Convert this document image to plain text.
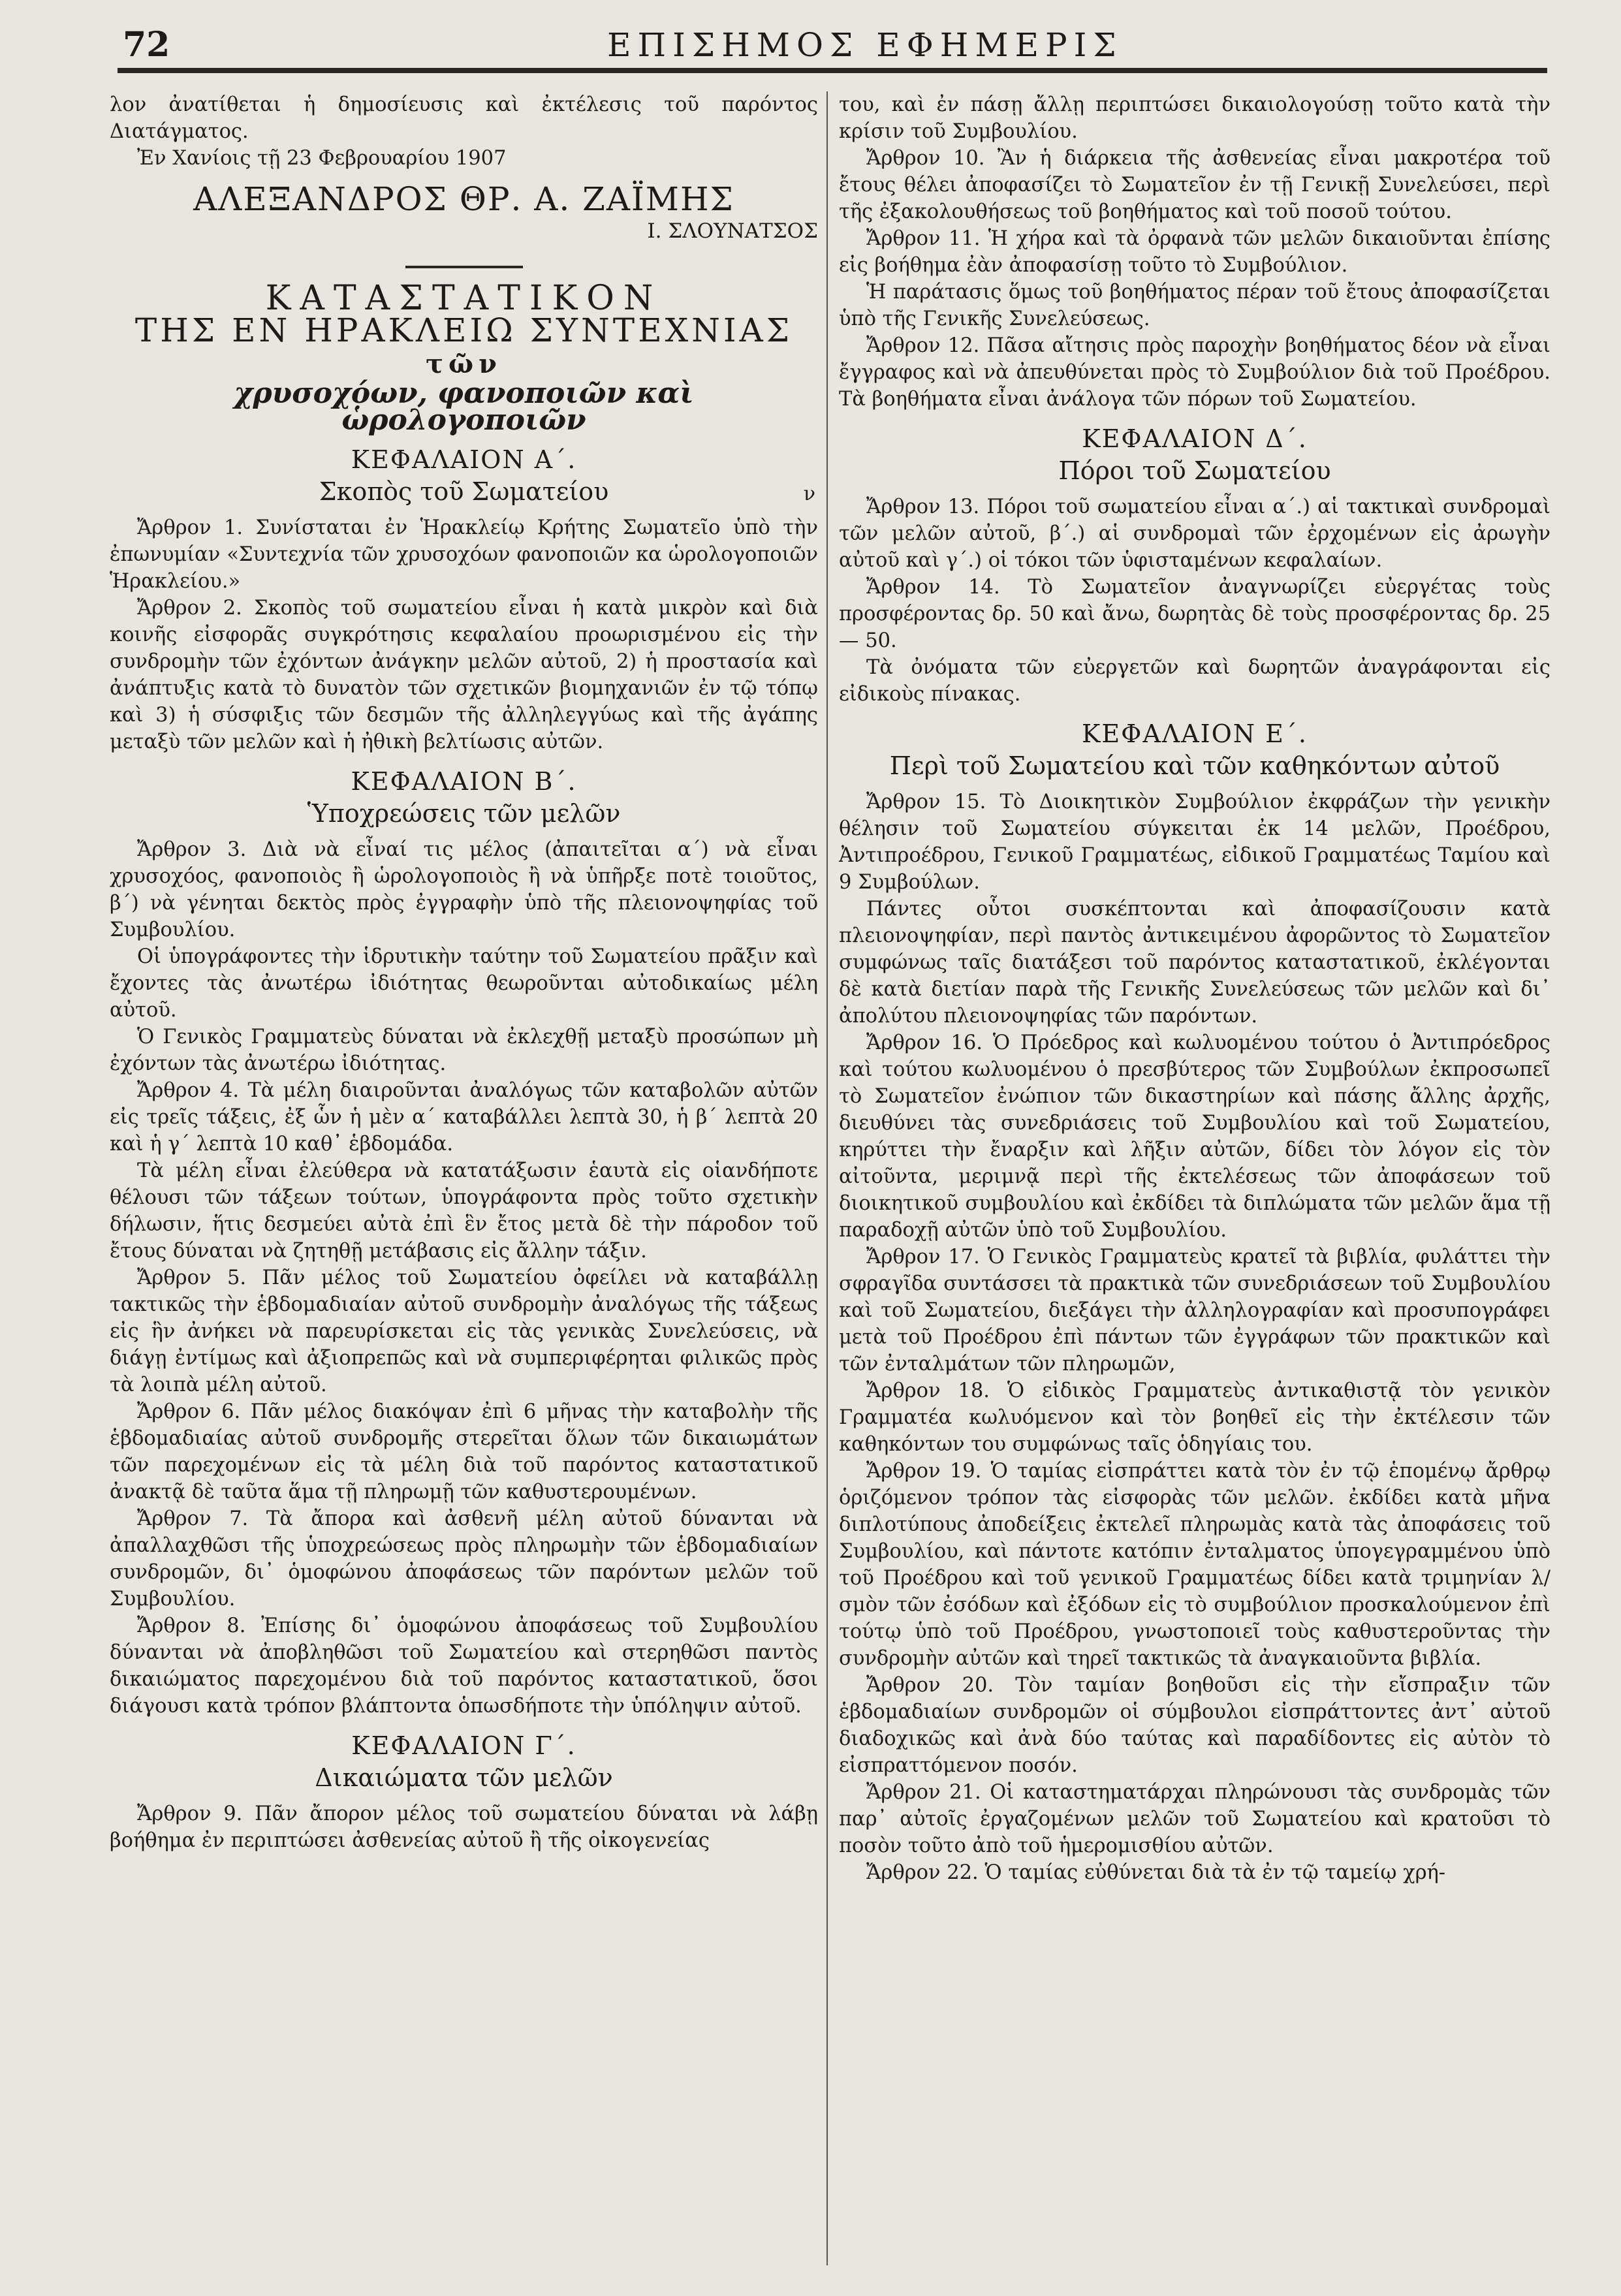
72	ΕΠΙΣΗΜΟΣ ΕΦΗΜΕΡΙΣ

λον ἀνατίθεται ἡ δημοσίευσις καὶ ἐκτέλεσις τοῦ παρόντος Διατάγματος.

Ἐν Χανίοις τῇ 23 Φεβρουαρίου 1907

ΑΛΕΞΑΝΔΡΟΣ ΘΡ. Α. ΖΑΪΜΗΣ

Ι. ΣΛΟΥΝΑΤΣΟΣ

ΚΑΤΑΣΤΑΤΙΚΟΝ

ΤΗΣ ΕΝ ΗΡΑΚΛΕΙΩ ΣΥΝΤΕΧΝΙΑΣ

τῶν

χρυσοχόων, φανοποιῶν καὶ ὡρολογοποιῶν

ΚΕΦΑΛΑΙΟΝ Α΄.

Σκοπὸς τοῦ Σωματείου	ν

Ἄρθρον 1. Συνίσταται ἐν Ἡρακλείῳ Κρήτης Σωματεῖο ὑπὸ τὴν ἐπωνυμίαν «Συντεχνία τῶν χρυσοχόων φανοποιῶν κα ὡρολογοποιῶν Ἡρακλείου.»

Ἄρθρον 2. Σκοπὸς τοῦ σωματείου εἶναι ἡ κατὰ μικρὸν καὶ διὰ κοινῆς εἰσφορᾶς συγκρότησις κεφαλαίου προωρισμένου εἰς τὴν συνδρομὴν τῶν ἐχόντων ἀνάγκην μελῶν αὐτοῦ, 2) ἡ προστασία καὶ ἀνάπτυξις κατὰ τὸ δυνατὸν τῶν σχετικῶν βιομηχανιῶν ἐν τῷ τόπῳ καὶ 3) ἡ σύσφιξις τῶν δεσμῶν τῆς ἀλληλεγγύως καὶ τῆς ἀγάπης μεταξὺ τῶν μελῶν καὶ ἡ ἠθικὴ βελτίωσις αὐτῶν.

ΚΕΦΑΛΑΙΟΝ Β΄.

Ὑποχρεώσεις τῶν μελῶν

Ἄρθρον 3. Διὰ νὰ εἶναί τις μέλος (ἀπαιτεῖται α΄) νὰ εἶναι χρυσοχόος, φανοποιὸς ἢ ὡρολογοποιὸς ἢ νὰ ὑπῆρξε ποτὲ τοιοῦτος, β΄) νὰ γένηται δεκτὸς πρὸς ἐγγραφὴν ὑπὸ τῆς πλειονοψηφίας τοῦ Συμβουλίου.

Οἱ ὑπογράφοντες τὴν ἱδρυτικὴν ταύτην τοῦ Σωματείου πρᾶξιν καὶ ἔχοντες τὰς ἀνωτέρω ἰδιότητας θεωροῦνται αὐτοδικαίως μέλη αὐτοῦ.

Ὁ Γενικὸς Γραμματεὺς δύναται νὰ ἐκλεχθῇ μεταξὺ προσώπων μὴ ἐχόντων τὰς ἀνωτέρω ἰδιότητας.

Ἄρθρον 4. Τὰ μέλη διαιροῦνται ἀναλόγως τῶν καταβολῶν αὐτῶν εἰς τρεῖς τάξεις, ἐξ ὧν ἡ μὲν α΄ καταβάλλει λεπτὰ 30, ἡ β΄ λεπτὰ 20 καὶ ἡ γ΄ λεπτὰ 10 καθ᾽ ἑβδομάδα.

Τὰ μέλη εἶναι ἐλεύθερα νὰ κατατάξωσιν ἑαυτὰ εἰς οἱανδήποτε θέλουσι τῶν τάξεων τούτων, ὑπογράφοντα πρὸς τοῦτο σχετικὴν δήλωσιν, ἥτις δεσμεύει αὐτὰ ἐπὶ ἓν ἔτος μετὰ δὲ τὴν πάροδον τοῦ ἔτους δύναται νὰ ζητηθῇ μετάβασις εἰς ἄλλην τάξιν.

Ἄρθρον 5. Πᾶν μέλος τοῦ Σωματείου ὀφείλει νὰ καταβάλλῃ τακτικῶς τὴν ἑβδομαδιαίαν αὐτοῦ συνδρομὴν ἀναλόγως τῆς τάξεως εἰς ἣν ἀνήκει νὰ παρευρίσκεται εἰς τὰς γενικὰς Συνελεύσεις, νὰ διάγῃ ἐντίμως καὶ ἀξιοπρεπῶς καὶ νὰ συμπεριφέρηται φιλικῶς πρὸς τὰ λοιπὰ μέλη αὐτοῦ.

Ἄρθρον 6. Πᾶν μέλος διακόψαν ἐπὶ 6 μῆνας τὴν καταβολὴν τῆς ἑβδομαδιαίας αὐτοῦ συνδρομῆς στερεῖται ὅλων τῶν δικαιωμάτων τῶν παρεχομένων εἰς τὰ μέλη διὰ τοῦ παρόντος καταστατικοῦ ἀνακτᾷ δὲ ταῦτα ἅμα τῇ πληρωμῇ τῶν καθυστερουμένων.

Ἄρθρον 7. Τὰ ἄπορα καὶ ἀσθενῆ μέλη αὐτοῦ δύνανται νὰ ἀπαλλαχθῶσι τῆς ὑποχρεώσεως πρὸς πληρωμὴν τῶν ἑβδομαδιαίων συνδρομῶν, δι᾽ ὁμοφώνου ἀποφάσεως τῶν παρόντων μελῶν τοῦ Συμβουλίου.

Ἄρθρον 8. Ἐπίσης δι᾽ ὁμοφώνου ἀποφάσεως τοῦ Συμβουλίου δύνανται νὰ ἀποβληθῶσι τοῦ Σωματείου καὶ στερηθῶσι παντὸς δικαιώματος παρεχομένου διὰ τοῦ παρόντος καταστατικοῦ, ὅσοι διάγουσι κατὰ τρόπον βλάπτοντα ὁπωσδήποτε τὴν ὑπόληψιν αὐτοῦ.

ΚΕΦΑΛΑΙΟΝ Γ΄.

Δικαιώματα τῶν μελῶν

Ἄρθρον 9. Πᾶν ἄπορον μέλος τοῦ σωματείου δύναται νὰ λάβῃ βοήθημα ἐν περιπτώσει ἀσθενείας αὐτοῦ ἢ τῆς οἰκογενείας

του, καὶ ἐν πάσῃ ἄλλῃ περιπτώσει δικαιολογούσῃ τοῦτο κατὰ τὴν κρίσιν τοῦ Συμβουλίου.

Ἄρθρον 10. Ἂν ἡ διάρκεια τῆς ἀσθενείας εἶναι μακροτέρα τοῦ ἔτους θέλει ἀποφασίζει τὸ Σωματεῖον ἐν τῇ Γενικῇ Συνελεύσει, περὶ τῆς ἐξακολουθήσεως τοῦ βοηθήματος καὶ τοῦ ποσοῦ τούτου.

Ἄρθρον 11. Ἡ χήρα καὶ τὰ ὀρφανὰ τῶν μελῶν δικαιοῦνται ἐπίσης εἰς βοήθημα ἐὰν ἀποφασίσῃ τοῦτο τὸ Συμβούλιον.

Ἡ παράτασις ὅμως τοῦ βοηθήματος πέραν τοῦ ἔτους ἀποφασίζεται ὑπὸ τῆς Γενικῆς Συνελεύσεως.

Ἄρθρον 12. Πᾶσα αἴτησις πρὸς παροχὴν βοηθήματος δέον νὰ εἶναι ἔγγραφος καὶ νὰ ἀπευθύνεται πρὸς τὸ Συμβούλιον διὰ τοῦ Προέδρου. Τὰ βοηθήματα εἶναι ἀνάλογα τῶν πόρων τοῦ Σωματείου.

ΚΕΦΑΛΑΙΟΝ Δ΄.

Πόροι τοῦ Σωματείου

Ἄρθρον 13. Πόροι τοῦ σωματείου εἶναι α΄.) αἱ τακτικαὶ συνδρομαὶ τῶν μελῶν αὐτοῦ, β΄.) αἱ συνδρομαὶ τῶν ἐρχομένων εἰς ἀρωγὴν αὐτοῦ καὶ γ΄.) οἱ τόκοι τῶν ὑφισταμένων κεφαλαίων.

Ἄρθρον 14. Τὸ Σωματεῖον ἀναγνωρίζει εὐεργέτας τοὺς προσφέροντας δρ. 50 καὶ ἄνω, δωρητὰς δὲ τοὺς προσφέροντας δρ. 25 — 50.

Τὰ ὀνόματα τῶν εὐεργετῶν καὶ δωρητῶν ἀναγράφονται εἰς εἰδικοὺς πίνακας.

ΚΕΦΑΛΑΙΟΝ Ε΄.

Περὶ τοῦ Σωματείου καὶ τῶν καθηκόντων αὐτοῦ

Ἄρθρον 15. Τὸ Διοικητικὸν Συμβούλιον ἐκφράζων τὴν γενικὴν θέλησιν τοῦ Σωματείου σύγκειται ἐκ 14 μελῶν, Προέδρου, Ἀντιπροέδρου, Γενικοῦ Γραμματέως, εἰδικοῦ Γραμματέως Ταμίου καὶ 9 Συμβούλων.

Πάντες οὗτοι συσκέπτονται καὶ ἀποφασίζουσιν κατὰ πλειονοψηφίαν, περὶ παντὸς ἀντικειμένου ἀφορῶντος τὸ Σωματεῖον συμφώνως ταῖς διατάξεσι τοῦ παρόντος καταστατικοῦ, ἐκλέγονται δὲ κατὰ διετίαν παρὰ τῆς Γενικῆς Συνελεύσεως τῶν μελῶν καὶ δι᾽ ἀπολύτου πλειονοψηφίας τῶν παρόντων.

Ἄρθρον 16. Ὁ Πρόεδρος καὶ κωλυομένου τούτου ὁ Ἀντιπρόεδρος καὶ τούτου κωλυομένου ὁ πρεσβύτερος τῶν Συμβούλων ἐκπροσωπεῖ τὸ Σωματεῖον ἐνώπιον τῶν δικαστηρίων καὶ πάσης ἄλλης ἀρχῆς, διευθύνει τὰς συνεδριάσεις τοῦ Συμβουλίου καὶ τοῦ Σωματείου, κηρύττει τὴν ἔναρξιν καὶ λῆξιν αὐτῶν, δίδει τὸν λόγον εἰς τὸν αἰτοῦντα, μεριμνᾷ περὶ τῆς ἐκτελέσεως τῶν ἀποφάσεων τοῦ διοικητικοῦ συμβουλίου καὶ ἐκδίδει τὰ διπλώματα τῶν μελῶν ἅμα τῇ παραδοχῇ αὐτῶν ὑπὸ τοῦ Συμβουλίου.

Ἄρθρον 17. Ὁ Γενικὸς Γραμματεὺς κρατεῖ τὰ βιβλία, φυλάττει τὴν σφραγῖδα συντάσσει τὰ πρακτικὰ τῶν συνεδριάσεων τοῦ Συμβουλίου καὶ τοῦ Σωματείου, διεξάγει τὴν ἀλληλογραφίαν καὶ προσυπογράφει μετὰ τοῦ Προέδρου ἐπὶ πάντων τῶν ἐγγράφων τῶν πρακτικῶν καὶ τῶν ἐνταλμάτων τῶν πληρωμῶν,

Ἄρθρον 18. Ὁ εἰδικὸς Γραμματεὺς ἀντικαθιστᾷ τὸν γενικὸν Γραμματέα κωλυόμενον καὶ τὸν βοηθεῖ εἰς τὴν ἐκτέλεσιν τῶν καθηκόντων του συμφώνως ταῖς ὁδηγίαις του.

Ἄρθρον 19. Ὁ ταμίας εἰσπράττει κατὰ τὸν ἐν τῷ ἑπομένῳ ἄρθρῳ ὁριζόμενον τρόπον τὰς εἰσφορὰς τῶν μελῶν. ἐκδίδει κατὰ μῆνα διπλοτύπους ἀποδείξεις ἐκτελεῖ πληρωμὰς κατὰ τὰς ἀποφάσεις τοῦ Συμβουλίου, καὶ πάντοτε κατόπιν ἐνταλματος ὑπογεγραμμένου ὑπὸ τοῦ Προέδρου καὶ τοῦ γενικοῦ Γραμματέως δίδει κατὰ τριμηνίαν λ/σμὸν τῶν ἐσόδων καὶ ἐξόδων εἰς τὸ συμβούλιον προσκαλούμενον ἐπὶ τούτῳ ὑπὸ τοῦ Προέδρου, γνωστοποιεῖ τοὺς καθυστεροῦντας τὴν συνδρομὴν αὐτῶν καὶ τηρεῖ τακτικῶς τὰ ἀναγκαιοῦντα βιβλία.

Ἄρθρον 20. Τὸν ταμίαν βοηθοῦσι εἰς τὴν εἴσπραξιν τῶν ἑβδομαδιαίων συνδρομῶν οἱ σύμβουλοι εἰσπράττοντες ἀντ᾽ αὐτοῦ διαδοχικῶς καὶ ἀνὰ δύο ταύτας καὶ παραδίδοντες εἰς αὐτὸν τὸ εἰσπραττόμενον ποσόν.

Ἄρθρον 21. Οἱ καταστηματάρχαι πληρώνουσι τὰς συνδρομὰς τῶν παρ᾽ αὐτοῖς ἐργαζομένων μελῶν τοῦ Σωματείου καὶ κρατοῦσι τὸ ποσὸν τοῦτο ἀπὸ τοῦ ἡμερομισθίου αὐτῶν.

Ἄρθρον 22. Ὁ ταμίας εὐθύνεται διὰ τὰ ἐν τῷ ταμείῳ χρή-
